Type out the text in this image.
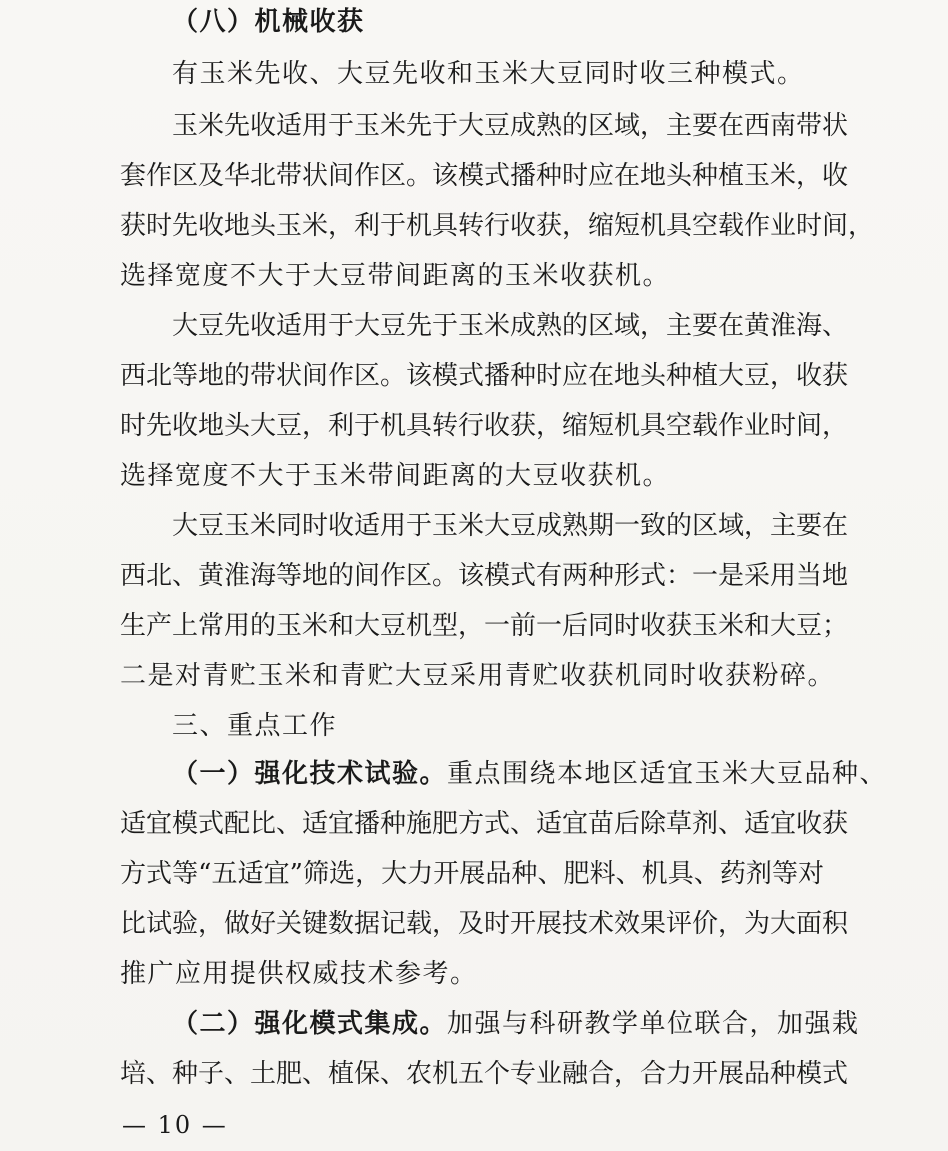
（八）机械收获
有玉米先收、大豆先收和玉米大豆同时收三种模式。
玉米先收适用于玉米先于大豆成熟的区域，主要在西南带状
套作区及华北带状间作区。该模式播种时应在地头种植玉米，收
获时先收地头玉米，利于机具转行收获，缩短机具空载作业时间，
选择宽度不大于大豆带间距离的玉米收获机。
大豆先收适用于大豆先于玉米成熟的区域，主要在黄淮海、
西北等地的带状间作区。该模式播种时应在地头种植大豆，收获
时先收地头大豆，利于机具转行收获，缩短机具空载作业时间，
选择宽度不大于玉米带间距离的大豆收获机。
大豆玉米同时收适用于玉米大豆成熟期一致的区域，主要在
西北、黄淮海等地的间作区。该模式有两种形式：一是采用当地
生产上常用的玉米和大豆机型，一前一后同时收获玉米和大豆；
二是对青贮玉米和青贮大豆采用青贮收获机同时收获粉碎。
三、重点工作
（一）强化技术试验。重点围绕本地区适宜玉米大豆品种、
适宜模式配比、适宜播种施肥方式、适宜苗后除草剂、适宜收获
方式等“五适宜”筛选，大力开展品种、肥料、机具、药剂等对
比试验，做好关键数据记载，及时开展技术效果评价，为大面积
推广应用提供权威技术参考。
（二）强化模式集成。加强与科研教学单位联合，加强栽
培、种子、土肥、植保、农机五个专业融合，合力开展品种模式
— 10 —
